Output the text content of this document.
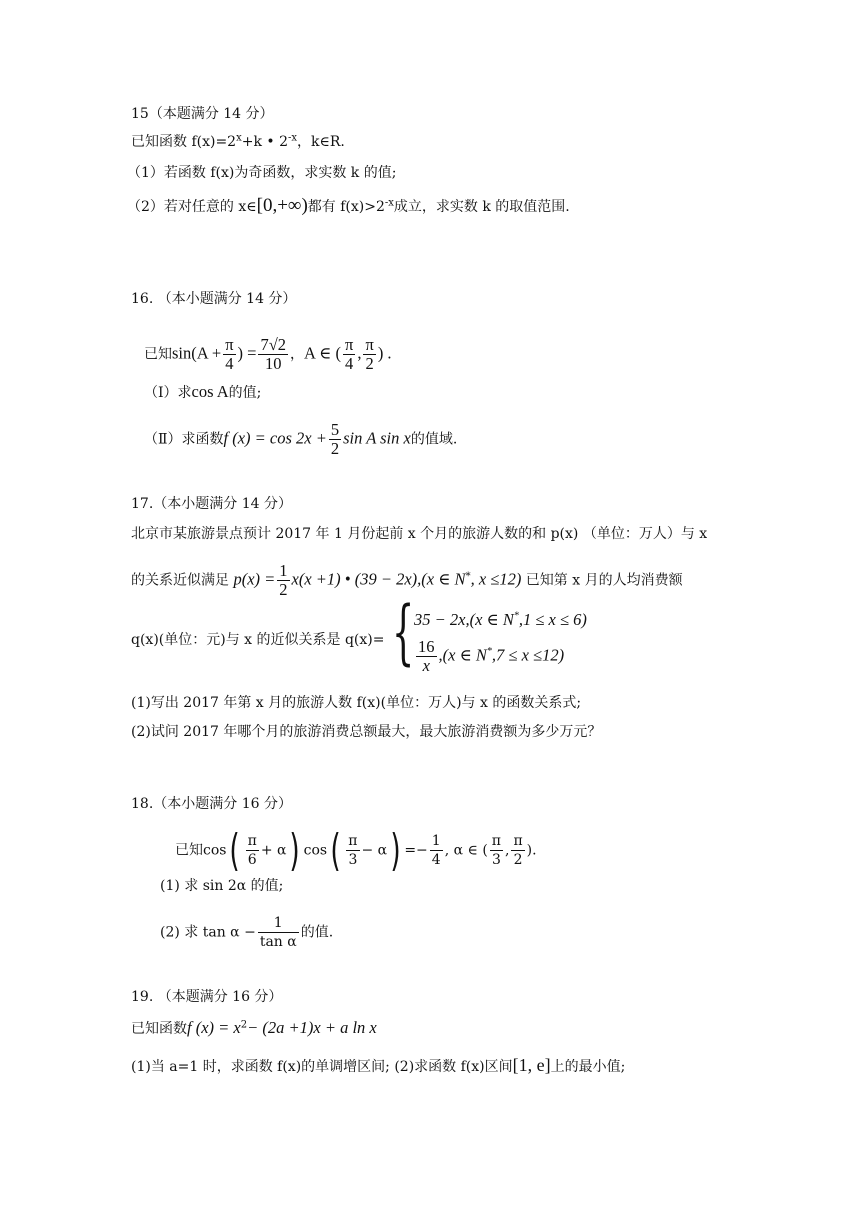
15（本题满分 14 分）
已知函数 $f(x)=2^x+k$ • $2^{-x}$，k∈R.
（1）若函数 f(x)为奇函数，求实数 k 的值;
（2）若对任意的 x∈[0,+∞)都有 $f(x)>2^{-x}$成立，求实数 k 的取值范围.
16. （本小题满分 14 分）
已知$\sin(A + \frac{\pi}{4}$ ) = $\frac{7√2}{10}$ ，A ∈ ( $\frac{\pi}{4}$ , $\frac{\pi}{2}$ ) .
（Ⅰ）求cos A的值;
（Ⅱ）求函数f $(x) = \cos 2x + \frac{5}{2}$ sin A sin x的值域.
17.（本小题满分 14 分）
北京市某旅游景点预计 2017 年 1 月份起前 x 个月的旅游人数的和 p(x) （单位：万人）与 x
的关系近似满足 $p(x) = \frac{1}{2} x(x +1)$ • (39 − 2x),(x ∈ N*, x ≤12) 已知第 x 月的人均消费额
q(x)(单位：元)与 x 的近似关系是 q(x)= { 35 − 2x,(x ∈ N*,1 ≤ x ≤ 6)
$\frac{16}{x} ,(x$ ∈ N*,7 ≤ x ≤12)
(1)写出 2017 年第 x 月的旅游人数 f(x)(单位：万人)与 x 的函数关系式;
(2)试问 2017 年哪个月的旅游消费总额最大，最大旅游消费额为多少万元？
18.（本小题满分 16 分）
已知$\cos( \frac{\pi}{6} + \alpha)$ $\cos( \frac{\pi}{3} - \alpha) =- \frac{1}{4}$ , α ∈ ( $\frac{\pi}{3}$ , $\frac{\pi}{2}$ ).
(1) 求 sin 2α 的值;
(2) 求 $\tan \alpha - \frac{1}{\text{tan α}}$ 的值.
19. （本题满分 16 分）
已知函数f $(x) = x^2- (2a +1)x + a$ ln x
(1)当 a=1 时，求函数 f(x)的单调增区间; (2)求函数 f(x)区间[1, e]上的最小值;
